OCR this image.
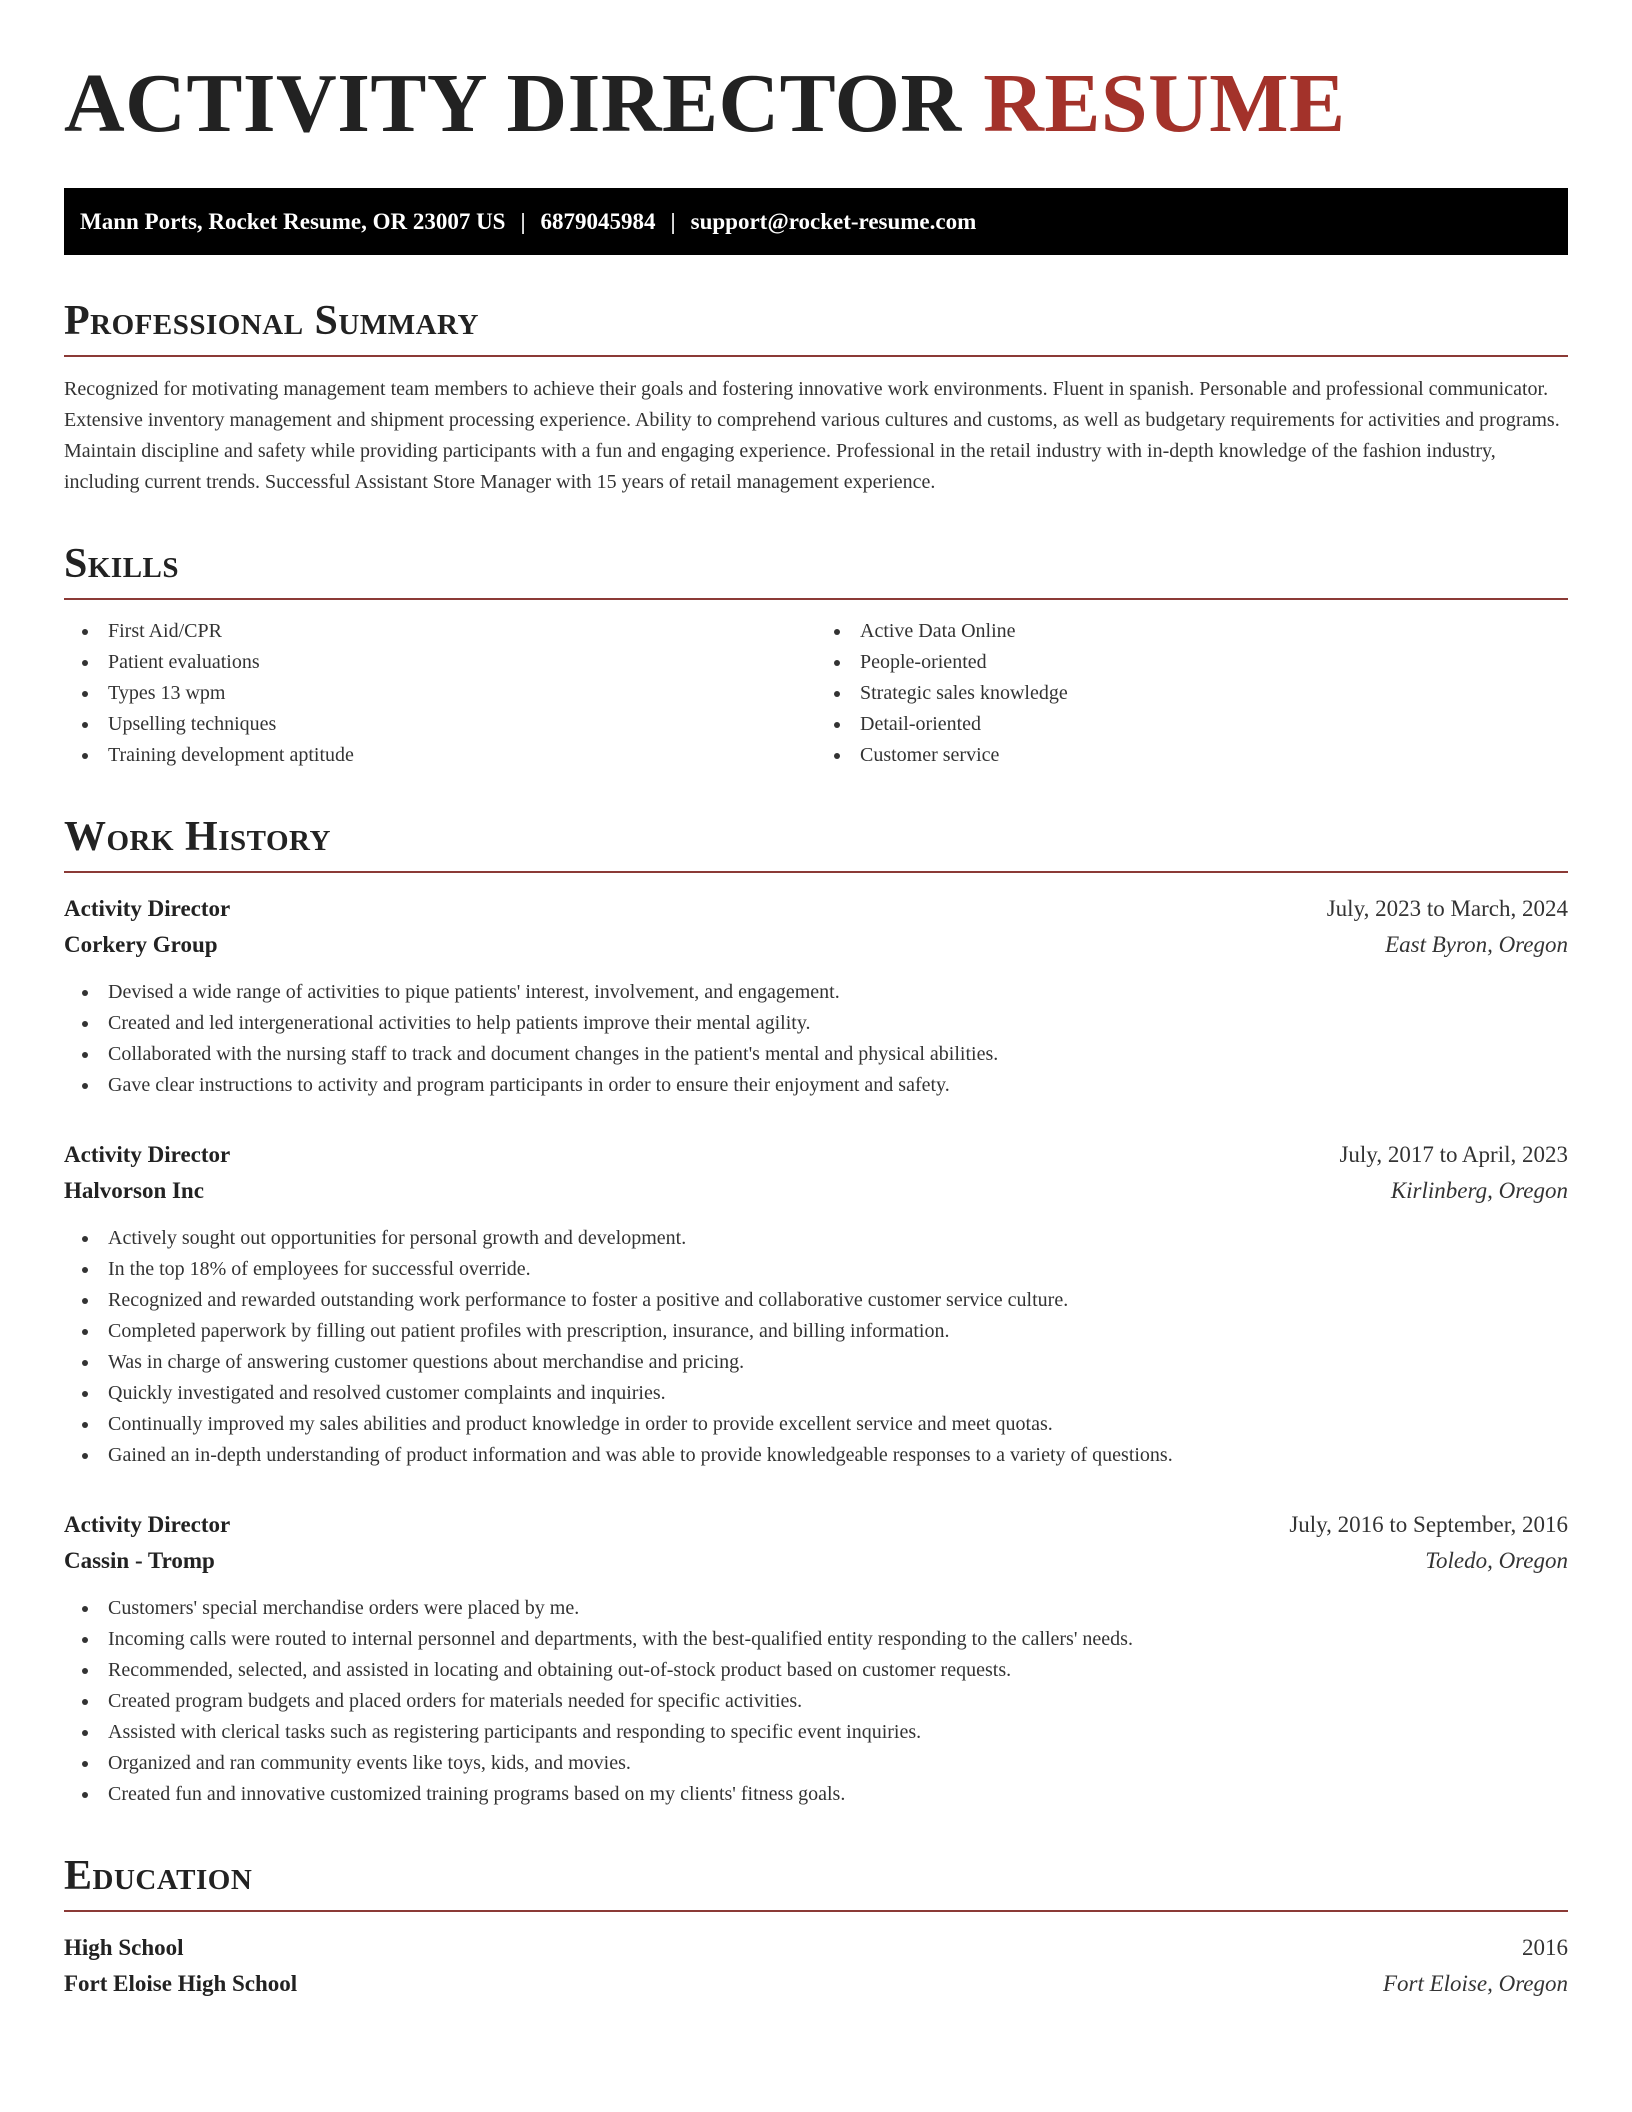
ACTIVITY DIRECTOR RESUME
Mann Ports, Rocket Resume, OR 23007 US | 6879045984 | support@rocket-resume.com
Professional Summary

Recognized for motivating management team members to achieve their goals and fostering innovative work environments. Fluent in spanish. Personable and professional communicator. Extensive inventory management and shipment processing experience. Ability to comprehend various cultures and customs, as well as budgetary requirements for activities and programs. Maintain discipline and safety while providing participants with a fun and engaging experience. Professional in the retail industry with in-depth knowledge of the fashion industry, including current trends. Successful Assistant Store Manager with 15 years of retail management experience.

Skills
First Aid/CPR
Patient evaluations
Types 13 wpm
Upselling techniques
Training development aptitude
Active Data Online
People-oriented
Strategic sales knowledge
Detail-oriented
Customer service
Work History
Activity Director	July, 2023 to March, 2024
Corkery Group	East Byron, Oregon
Devised a wide range of activities to pique patients' interest, involvement, and engagement.
Created and led intergenerational activities to help patients improve their mental agility.
Collaborated with the nursing staff to track and document changes in the patient's mental and physical abilities.
Gave clear instructions to activity and program participants in order to ensure their enjoyment and safety.
Activity Director	July, 2017 to April, 2023
Halvorson Inc	Kirlinberg, Oregon
Actively sought out opportunities for personal growth and development.
In the top 18% of employees for successful override.
Recognized and rewarded outstanding work performance to foster a positive and collaborative customer service culture.
Completed paperwork by filling out patient profiles with prescription, insurance, and billing information.
Was in charge of answering customer questions about merchandise and pricing.
Quickly investigated and resolved customer complaints and inquiries.
Continually improved my sales abilities and product knowledge in order to provide excellent service and meet quotas.
Gained an in-depth understanding of product information and was able to provide knowledgeable responses to a variety of questions.
Activity Director	July, 2016 to September, 2016
Cassin - Tromp	Toledo, Oregon
Customers' special merchandise orders were placed by me.
Incoming calls were routed to internal personnel and departments, with the best-qualified entity responding to the callers' needs.
Recommended, selected, and assisted in locating and obtaining out-of-stock product based on customer requests.
Created program budgets and placed orders for materials needed for specific activities.
Assisted with clerical tasks such as registering participants and responding to specific event inquiries.
Organized and ran community events like toys, kids, and movies.
Created fun and innovative customized training programs based on my clients' fitness goals.
Education
High School	2016
Fort Eloise High School	Fort Eloise, Oregon
